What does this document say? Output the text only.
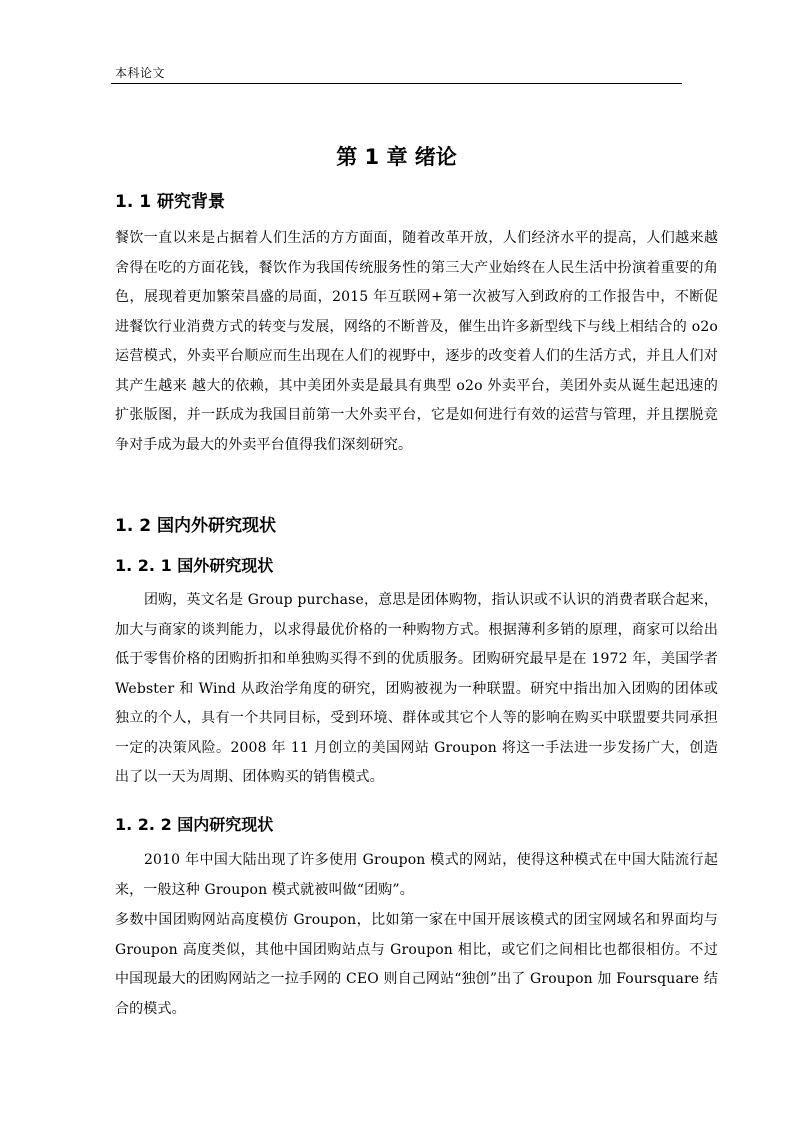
本科论文
第 1 章 绪论
1. 1 研究背景

餐饮一直以来是占据着人们生活的方方面面，随着改革开放，人们经济水平的提高，人们越来越舍得在吃的方面花钱，餐饮作为我国传统服务性的第三大产业始终在人民生活中扮演着重要的角色，展现着更加繁荣昌盛的局面，2015 年互联网+第一次被写入到政府的工作报告中，不断促进餐饮行业消费方式的转变与发展，网络的不断普及，催生出许多新型线下与线上相结合的 o2o 运营模式，外卖平台顺应而生出现在人们的视野中，逐步的改变着人们的生活方式，并且人们对其产生越来 越大的依赖，其中美团外卖是最具有典型 o2o 外卖平台，美团外卖从诞生起迅速的扩张版图，并一跃成为我国目前第一大外卖平台，它是如何进行有效的运营与管理，并且摆脱竞争对手成为最大的外卖平台值得我们深刻研究。

1. 2 国内外研究现状
1. 2. 1 国外研究现状

团购，英文名是 Group purchase，意思是团体购物，指认识或不认识的消费者联合起来，加大与商家的谈判能力，以求得最优价格的一种购物方式。根据薄利多销的原理，商家可以给出低于零售价格的团购折扣和单独购买得不到的优质服务。团购研究最早是在 1972 年，美国学者 Webster 和 Wind 从政治学角度的研究，团购被视为一种联盟。研究中指出加入团购的团体或独立的个人，具有一个共同目标，受到环境、群体或其它个人等的影响在购买中联盟要共同承担一定的决策风险。2008 年 11 月创立的美国网站 Groupon 将这一手法进一步发扬广大，创造出了以一天为周期、团体购买的销售模式。

1. 2. 2 国内研究现状

2010 年中国大陆出现了许多使用 Groupon 模式的网站，使得这种模式在中国大陆流行起来，一般这种 Groupon 模式就被叫做“团购”。

多数中国团购网站高度模仿 Groupon，比如第一家在中国开展该模式的团宝网域名和界面均与 Groupon 高度类似，其他中国团购站点与 Groupon 相比，或它们之间相比也都很相仿。不过中国现最大的团购网站之一拉手网的 CEO 则自己网站“独创”出了 Groupon 加 Foursquare 结合的模式。
